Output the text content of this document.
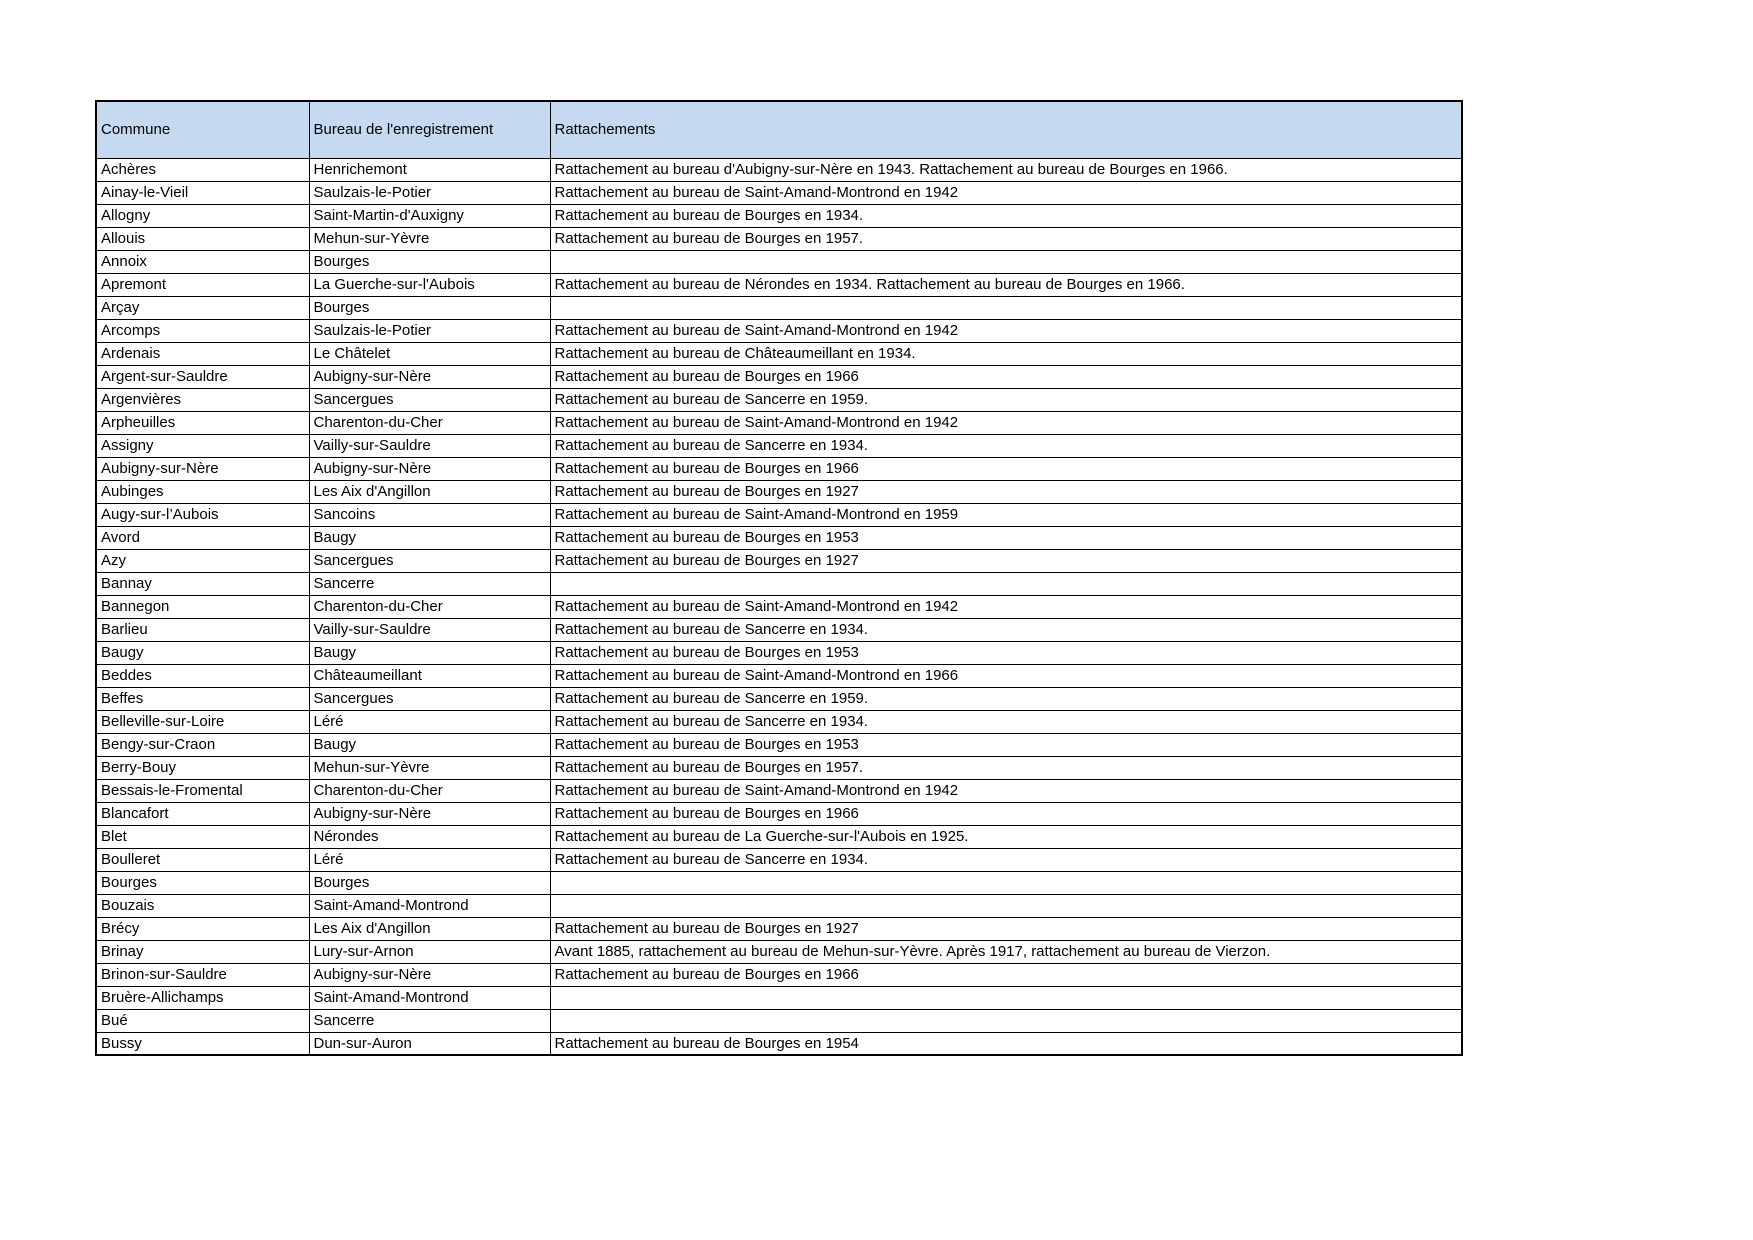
Commune	Bureau de l'enregistrement	Rattachements
Achères	Henrichemont	Rattachement au bureau d'Aubigny-sur-Nère en 1943. Rattachement au bureau de Bourges en 1966.
Ainay-le-Vieil	Saulzais-le-Potier	Rattachement au bureau de Saint-Amand-Montrond en 1942
Allogny	Saint-Martin-d'Auxigny	Rattachement au bureau de Bourges en 1934.
Allouis	Mehun-sur-Yèvre	Rattachement au bureau de Bourges en 1957.
Annoix	Bourges	
Apremont	La Guerche-sur-l'Aubois	Rattachement au bureau de Nérondes en 1934. Rattachement au bureau de Bourges en 1966.
Arçay	Bourges	
Arcomps	Saulzais-le-Potier	Rattachement au bureau de Saint-Amand-Montrond en 1942
Ardenais	Le Châtelet	Rattachement au bureau de Châteaumeillant en 1934.
Argent-sur-Sauldre	Aubigny-sur-Nère	Rattachement au bureau de Bourges en 1966
Argenvières	Sancergues	Rattachement au bureau de Sancerre en 1959.
Arpheuilles	Charenton-du-Cher	Rattachement au bureau de Saint-Amand-Montrond en 1942
Assigny	Vailly-sur-Sauldre	Rattachement au bureau de Sancerre en 1934.
Aubigny-sur-Nère	Aubigny-sur-Nère	Rattachement au bureau de Bourges en 1966
Aubinges	Les Aix d'Angillon	Rattachement au bureau de Bourges en 1927
Augy-sur-l’Aubois	Sancoins	Rattachement au bureau de Saint-Amand-Montrond en 1959
Avord	Baugy	Rattachement au bureau de Bourges en 1953
Azy	Sancergues	Rattachement au bureau de Bourges en 1927
Bannay	Sancerre	
Bannegon	Charenton-du-Cher	Rattachement au bureau de Saint-Amand-Montrond en 1942
Barlieu	Vailly-sur-Sauldre	Rattachement au bureau de Sancerre en 1934.
Baugy	Baugy	Rattachement au bureau de Bourges en 1953
Beddes	Châteaumeillant	Rattachement au bureau de Saint-Amand-Montrond en 1966
Beffes	Sancergues	Rattachement au bureau de Sancerre en 1959.
Belleville-sur-Loire	Léré	Rattachement au bureau de Sancerre en 1934.
Bengy-sur-Craon	Baugy	Rattachement au bureau de Bourges en 1953
Berry-Bouy	Mehun-sur-Yèvre	Rattachement au bureau de Bourges en 1957.
Bessais-le-Fromental	Charenton-du-Cher	Rattachement au bureau de Saint-Amand-Montrond en 1942
Blancafort	Aubigny-sur-Nère	Rattachement au bureau de Bourges en 1966
Blet	Nérondes	Rattachement au bureau de La Guerche-sur-l'Aubois en 1925.
Boulleret	Léré	Rattachement au bureau de Sancerre en 1934.
Bourges	Bourges	
Bouzais	Saint-Amand-Montrond	
Brécy	Les Aix d'Angillon	Rattachement au bureau de Bourges en 1927
Brinay	Lury-sur-Arnon	Avant 1885, rattachement au bureau de Mehun-sur-Yèvre. Après 1917, rattachement au bureau de Vierzon.
Brinon-sur-Sauldre	Aubigny-sur-Nère	Rattachement au bureau de Bourges en 1966
Bruère-Allichamps	Saint-Amand-Montrond	
Bué	Sancerre	
Bussy	Dun-sur-Auron	Rattachement au bureau de Bourges en 1954
